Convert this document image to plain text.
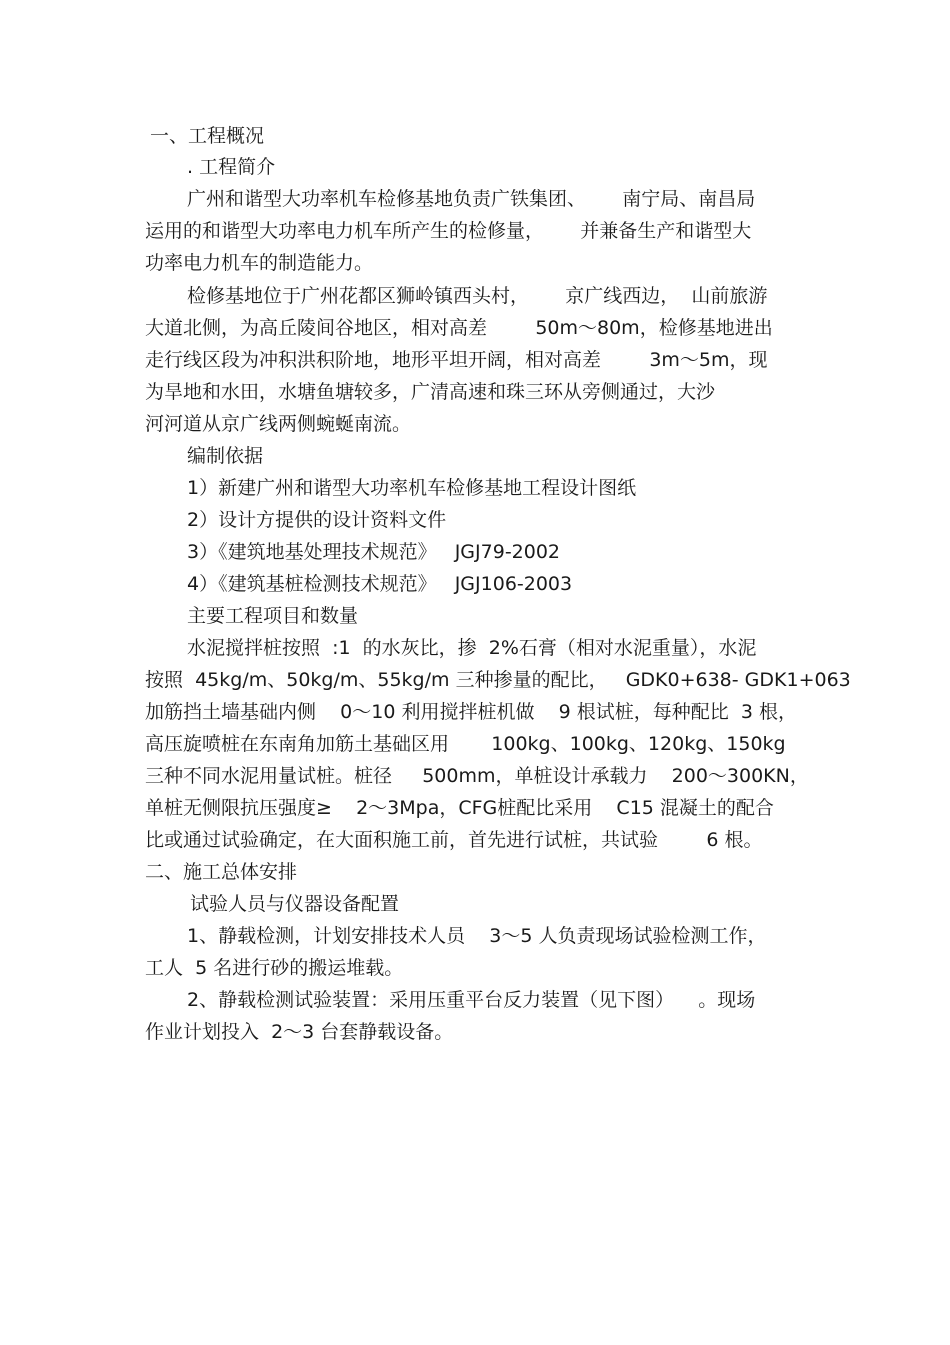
一、工程概况
. 工程简介
广州和谐型大功率机车检修基地负责广铁集团、      南宁局、南昌局
运用的和谐型大功率电力机车所产生的检修量，      并兼备生产和谐型大
功率电力机车的制造能力。
检修基地位于广州花都区狮岭镇西头村，      京广线西边，  山前旅游
大道北侧，为高丘陵间谷地区，相对高差        50m～80m，检修基地进出
走行线区段为冲积洪积阶地，地形平坦开阔，相对高差        3m～5m，现
为旱地和水田，水塘鱼塘较多，广清高速和珠三环从旁侧通过，大沙
河河道从京广线两侧蜿蜒南流。
编制依据
1）新建广州和谐型大功率机车检修基地工程设计图纸
2）设计方提供的设计资料文件
3）《建筑地基处理技术规范》   JGJ79-2002
4）《建筑基桩检测技术规范》   JGJ106-2003
主要工程项目和数量
水泥搅拌桩按照  :1  的水灰比，掺  2%石膏（相对水泥重量），水泥
按照  45kg/m、50kg/m、55kg/m 三种掺量的配比，   GDK0+638- GDK1+063
加筋挡土墙基础内侧    0～10 利用搅拌桩机做    9 根试桩，每种配比  3 根，
高压旋喷桩在东南角加筋土基础区用       100kg、100kg、120kg、150kg
三种不同水泥用量试桩。桩径     500mm，单桩设计承载力    200～300KN，
单桩无侧限抗压强度≥    2～3Mpa，CFG桩配比采用    C15 混凝土的配合
比或通过试验确定，在大面积施工前，首先进行试桩，共试验        6 根。
二、施工总体安排
试验人员与仪器设备配置
1、静载检测，计划安排技术人员    3～5 人负责现场试验检测工作，
工人  5 名进行砂的搬运堆载。
2、静载检测试验装置：采用压重平台反力装置（见下图）    。现场
作业计划投入  2～3 台套静载设备。
